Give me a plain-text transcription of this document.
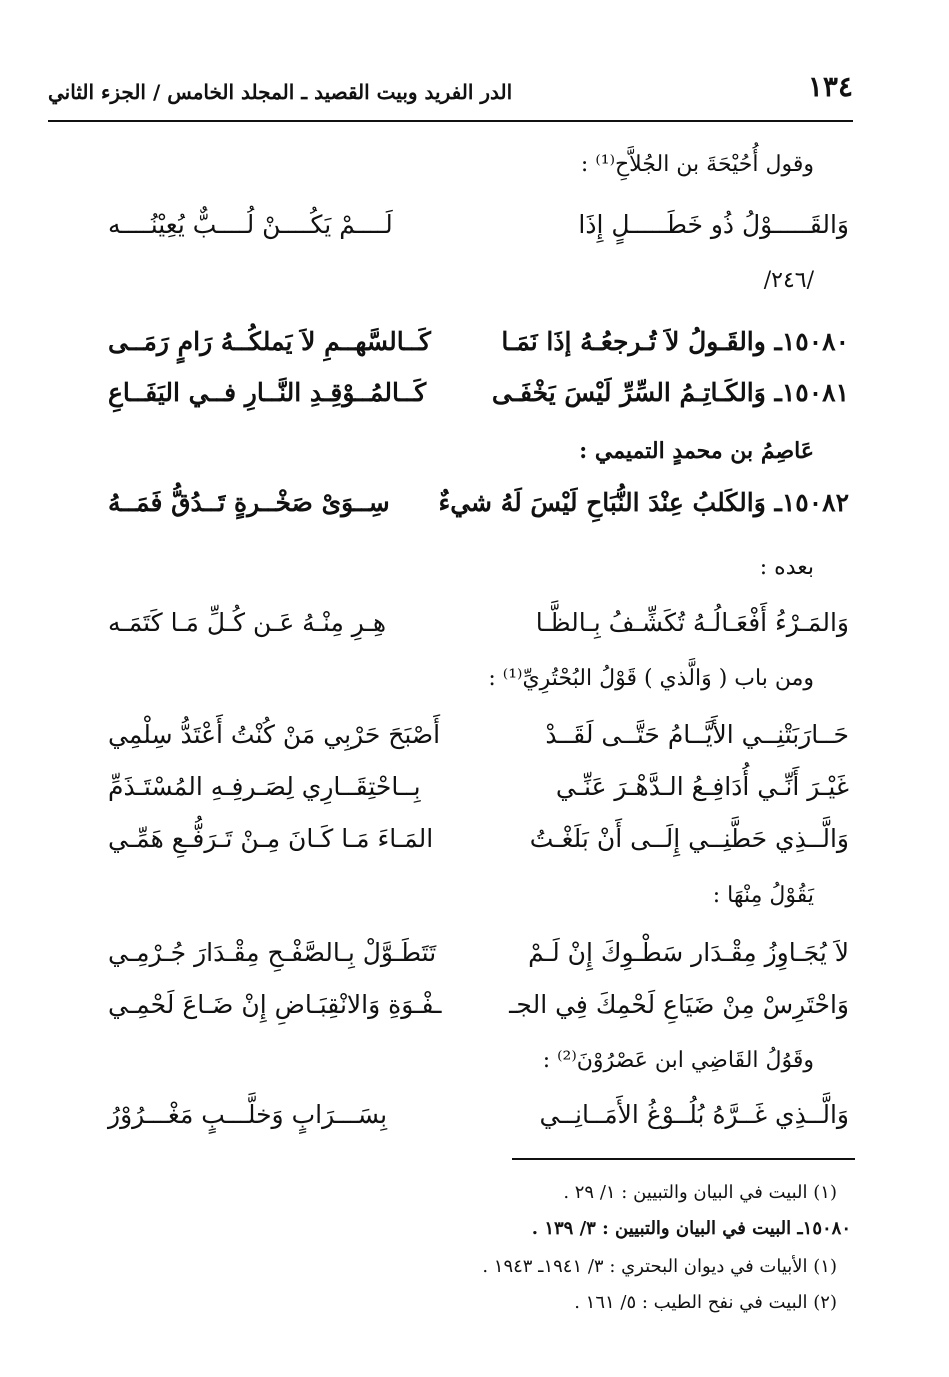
١٣٤
الدر الفريد وبيت القصيد ـ المجلد الخامس / الجزء الثاني
وقول أُحُيْحَةَ بن الجُلاَّحِ⁽¹⁾ :
وَالقَـــــوْلُ ذُو خَطَـــــلٍ إِذَا
لَــــمْ يَكُــــنْ لُــــبٌّ يُعِيْنُــــه
/٢٤٦/
١٥٠٨٠ـ والقَـولُ لاَ تُـرجعُـهُ إذَا نَمَـا
كَــالسَّهــمِ لاَ يَملكُــهُ رَامٍ رَمَــى
١٥٠٨١ـ وَالكَـاتِـمُ السِّرِّ لَيْسَ يَخْفَـى
كَــالمُــوْقِـدِ النَّــارِ فــي اليَفَــاعِ
عَاصِمُ بن محمدٍ التميمي :
١٥٠٨٢ـ وَالكَلبُ عِنْدَ النُّبَاحِ لَيْسَ لَهُ شيءٌ
سِــوَىْ صَخْــرةٍ تَــدُقُّ فَمَــهُ
بعده :
وَالمَـرْءُ أَفْعَـالُـهُ تُكَشِّـفُ بِـالظَّـا
هِـرِ مِنْـهُ عَـن كُـلِّ مَـا كَتَمَـه
ومن باب ( وَالَّذي ) قَوْلُ البُحْتُرِيِّ⁽¹⁾ :
حَــارَبَتْنِــي الأَيَّــامُ حَتَّــى لَقَــدْ
أَصْبَحَ حَرْبِي مَنْ كُنْتُ أَعْتَدُّ سِلْمِي
غَيْـرَ أَنِّـي أُدَافِـعُ الـدَّهْـرَ عَنِّـي
بِــاحْتِقَــارِي لِصَـرفِـهِ المُسْتَـذَمِّ
وَالَّــذِي حَطَّنِــي إِلَــى أَنْ بَلَغْـتُ
المَـاءَ مَـا كَـانَ مِـنْ تَـرَفُّـعِ هَمِّـي
يَقُوْلُ مِنْهَا :
لاَ يُجَـاوِزُ مِقْـدَار سَطْـوِكَ إِنْ لَـمْ
تَتَطَـوَّلْ بِـالصَّفْـحِ مِقْـدَارَ جُـرْمِـي
وَاحْتَرِسْ مِنْ ضَيَاعِ لَحْمِكَ فِي الجـ
ـفْـوَةِ وَالانْقِبَـاضِ إِنْ ضَـاعَ لَحْمِـي
وقَوُلُ القَاضِي ابن عَصْرُوْنَ⁽²⁾ :
وَالَّــذِي غَــرَّهُ بُلُــوْغُ الأَمَــانِــي
بِسَـــرَابٍ وَخلَّـــبٍ مَغْـــرُوْرُ
(١) البيت في البيان والتبيين : ١/ ٢٩ .
١٥٠٨٠ـ البيت في البيان والتبيين : ٣/ ١٣٩ .
(١) الأبيات في ديوان البحتري : ٣/ ١٩٤١ـ ١٩٤٣ .
(٢) البيت في نفح الطيب : ٥/ ١٦١ .
